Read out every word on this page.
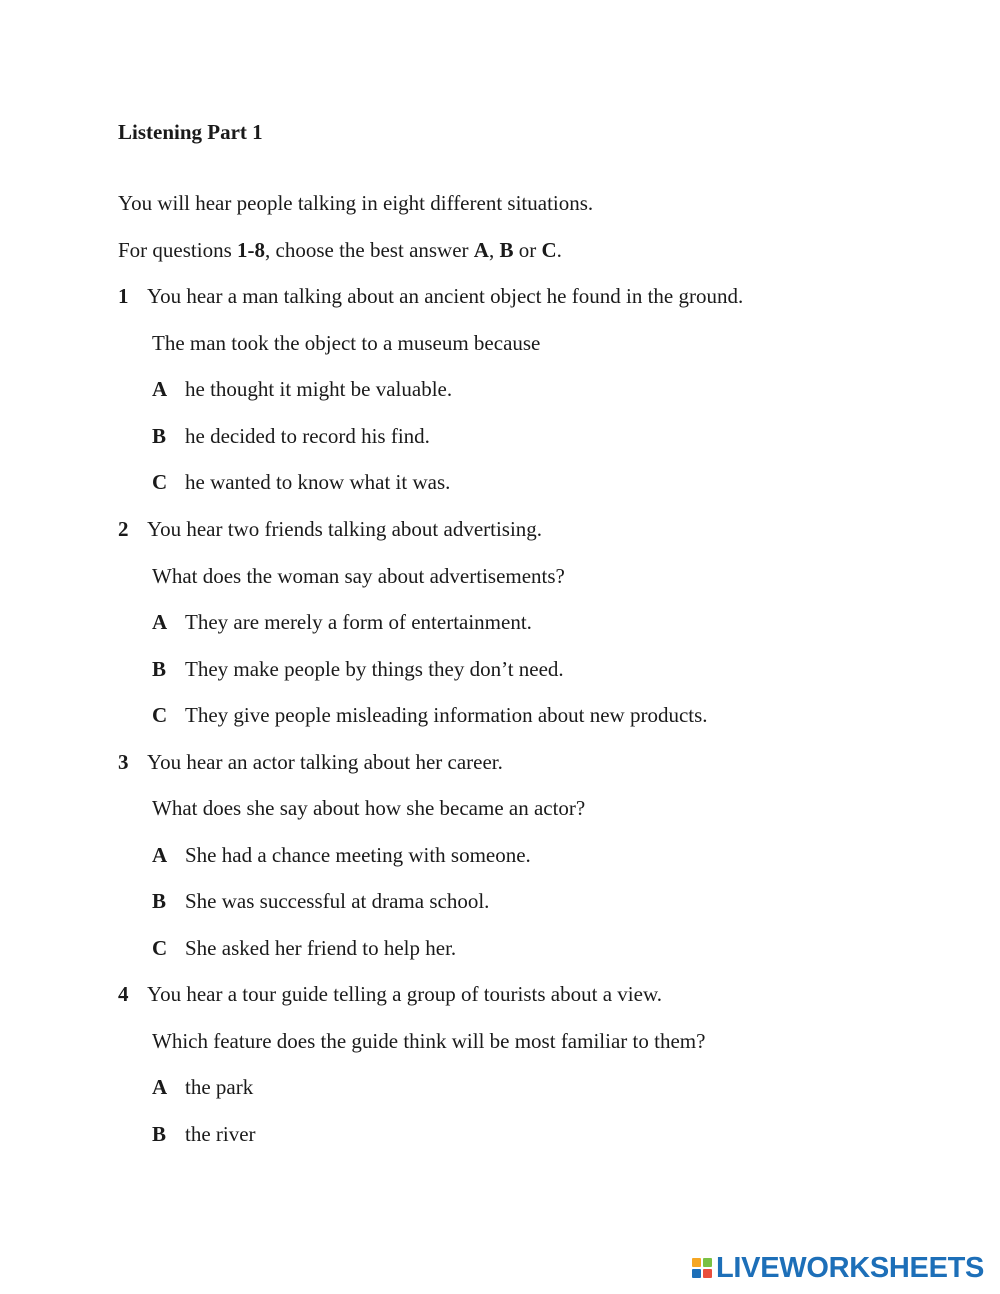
Listening Part 1
You will hear people talking in eight different situations.
For questions 1-8, choose the best answer A, B or C.
1 You hear a man talking about an ancient object he found in the ground.
The man took the object to a museum because
A he thought it might be valuable.
B he decided to record his find.
C he wanted to know what it was.
2 You hear two friends talking about advertising.
What does the woman say about advertisements?
A They are merely a form of entertainment.
B They make people by things they don’t need.
C They give people misleading information about new products.
3 You hear an actor talking about her career.
What does she say about how she became an actor?
A She had a chance meeting with someone.
B She was successful at drama school.
C She asked her friend to help her.
4 You hear a tour guide telling a group of tourists about a view.
Which feature does the guide think will be most familiar to them?
A the park
B the river
LIVEWORKSHEETS
